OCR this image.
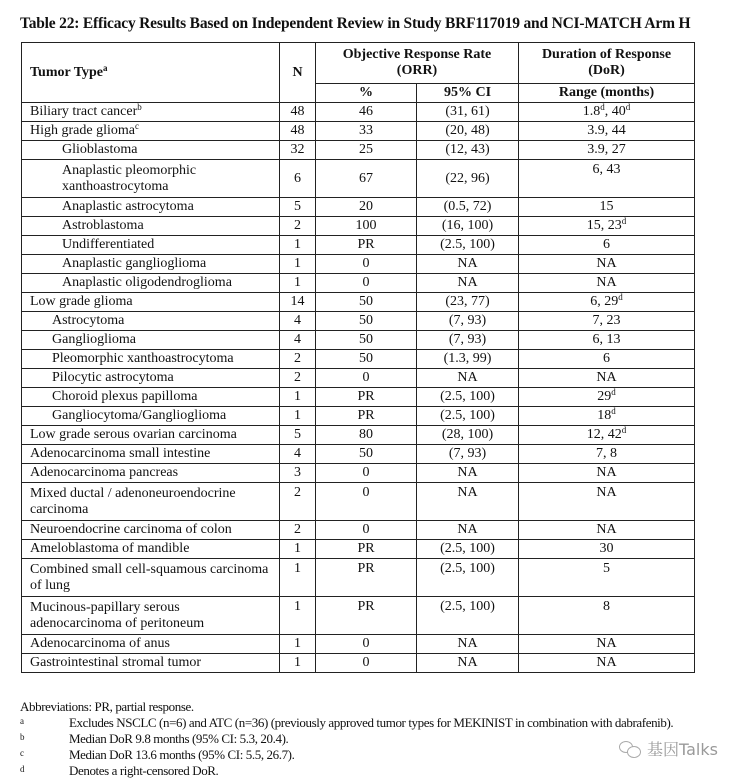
Table 22: Efficacy Results Based on Independent Review in Study BRF117019 and NCI-MATCH Arm H
Tumor Type$^a$	N	Objective Response Rate (ORR)		Duration of Response (DoR)
		%	95% CI	Range (months)
Biliary tract cancer$^b$	48	46	(31, 61)	1.8$^d$, 40$^d$
High grade glioma$^c$	48	33	(20, 48)	3.9, 44
Glioblastoma	32	25	(12, 43)	3.9, 27
Anaplastic pleomorphic xanthoastrocytoma	6	67	(22, 96)	6, 43
Anaplastic astrocytoma	5	20	(0.5, 72)	15
Astroblastoma	2	100	(16, 100)	15, 23$^d$
Undifferentiated	1	PR	(2.5, 100)	6
Anaplastic ganglioglioma	1	0	NA	NA
Anaplastic oligodendroglioma	1	0	NA	NA
Low grade glioma	14	50	(23, 77)	6, 29$^d$
Astrocytoma	4	50	(7, 93)	7, 23
Ganglioglioma	4	50	(7, 93)	6, 13
Pleomorphic xanthoastrocytoma	2	50	(1.3, 99)	6
Pilocytic astrocytoma	2	0	NA	NA
Choroid plexus papilloma	1	PR	(2.5, 100)	29$^d$
Gangliocytoma/Ganglioglioma	1	PR	(2.5, 100)	18$^d$
Low grade serous ovarian carcinoma	5	80	(28, 100)	12, 42$^d$
Adenocarcinoma small intestine	4	50	(7, 93)	7, 8
Adenocarcinoma pancreas	3	0	NA	NA
Mixed ductal / adenoneuroendocrine carcinoma	2	0	NA	NA
Neuroendocrine carcinoma of colon	2	0	NA	NA
Ameloblastoma of mandible	1	PR	(2.5, 100)	30
Combined small cell-squamous carcinoma of lung	1	PR	(2.5, 100)	5
Mucinous-papillary serous adenocarcinoma of peritoneum	1	PR	(2.5, 100)	8
Adenocarcinoma of anus	1	0	NA	NA
Gastrointestinal stromal tumor	1	0	NA	NA
Abbreviations: PR, partial response.
a	Excludes NSCLC (n=6) and ATC (n=36) (previously approved tumor types for MEKINIST in combination with dabrafenib).
b	Median DoR 9.8 months (95% CI: 5.3, 20.4).
c	Median DoR 13.6 months (95% CI: 5.5, 26.7).
d	Denotes a right-censored DoR.
基因Talks
